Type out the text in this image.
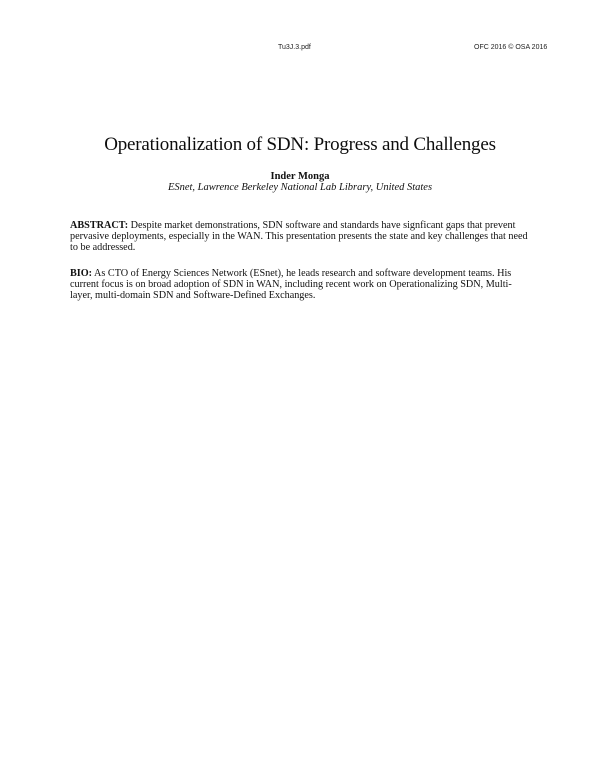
Tu3J.3.pdf	OFC 2016 © OSA 2016
Operationalization of SDN: Progress and Challenges
Inder Monga
ESnet, Lawrence Berkeley National Lab Library, United States
ABSTRACT: Despite market demonstrations, SDN software and standards have signficant gaps that prevent pervasive deployments, especially in the WAN. This presentation presents the state and key challenges that need to be addressed.
BIO: As CTO of Energy Sciences Network (ESnet), he leads research and software development teams. His current focus is on broad adoption of SDN in WAN, including recent work on Operationalizing SDN, Multi-layer, multi-domain SDN and Software-Defined Exchanges.
